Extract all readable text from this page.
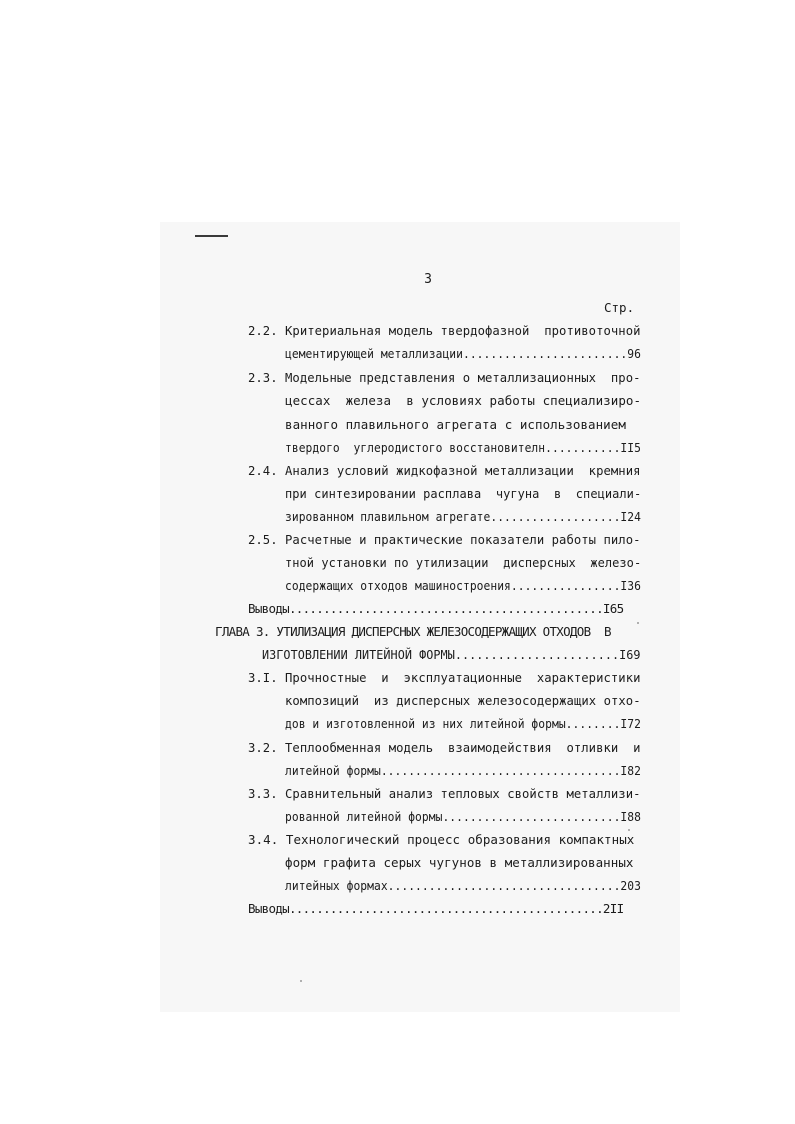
3
Стр.
2.2. Критериальная модель твердофазной  противоточной
цементирующей металлизации........................96
2.3. Модельные представления о металлизационных  про-
цессах  железа  в условиях работы специализиро-
ванного плавильного агрегата с использованием
твердого  углеродистого восстановителн...........II5
2.4. Анализ условий жидкофазной металлизации  кремния
при синтезировании расплава  чугуна  в  специали-
зированном плавильном агрегате...................I24
2.5. Расчетные и практические показатели работы пило-
тной установки по утилизации  дисперсных  железо-
содержащих отходов машиностроения................I36
Выводы..............................................I65
ГЛАВА 3. УТИЛИЗАЦИЯ ДИСПЕРСНЫХ ЖЕЛЕЗОСОДЕРЖАЩИХ ОТХОДОВ  В
ИЗГОТОВЛЕНИИ ЛИТЕЙНОЙ ФОРМЫ.......................I69
3.I. Прочностные  и  эксплуатационные  характеристики
композиций  из дисперсных железосодержащих отхо-
дов и изготовленной из них литейной формы........I72
3.2. Теплообменная модель  взаимодействия  отливки  и
литейной формы...................................I82
3.3. Сравнительный анализ тепловых свойств металлизи-
рованной литейной формы..........................I88
3.4. Технологический процесс образования компактных
форм графита серых чугунов в металлизированных
литейных формах..................................203
Выводы..............................................2II
